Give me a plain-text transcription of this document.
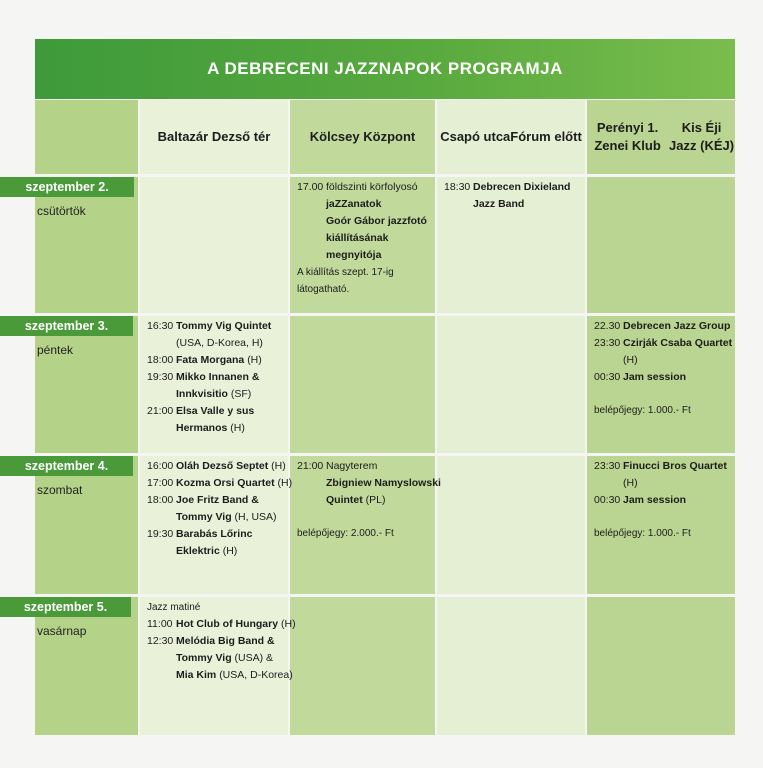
A DEBRECENI JAZZNAPOK PROGRAMJA
Baltazár Dezső tér	Kölcsey Központ Csapó utca Fórum előtt
Perényi 1. Zenei Klub
Kis Éji Jazz (KÉJ)
szeptember 2.
csütörtök
17.00 földszinti körfolyosó
jaZZanatok
Goór Gábor jazzfotó
kiállításának
megnyitója
A kiállítás szept. 17-ig
látogatható.
18:30 Debrecen Dixieland
Jazz Band
szeptember 3.
péntek
16:30 Tommy Vig Quintet
(USA, D-Korea, H)
18:00 Fata Morgana (H)
19:30 Mikko Innanen &
Innkvisitio (SF)
21:00 Elsa Valle y sus
Hermanos (H)
22.30 Debrecen Jazz Group
23:30 Czirják Csaba Quartet
(H)
00:30 Jam session
belépőjegy: 1.000.- Ft
szeptember 4.
szombat
16:00 Oláh Dezső Septet (H)
17:00 Kozma Orsi Quartet (H)
18:00 Joe Fritz Band &
Tommy Vig (H, USA)
19:30 Barabás Lőrinc
Eklektric (H)
21:00 Nagyterem
Zbigniew Namyslowski
Quintet (PL)
belépőjegy: 2.000.- Ft
23:30 Finucci Bros Quartet
(H)
00:30 Jam session
belépőjegy: 1.000.- Ft
szeptember 5.
vasárnap
Jazz matiné
11:00 Hot Club of Hungary (H)
12:30 Melódia Big Band &
Tommy Vig (USA) &
Mia Kim (USA, D-Korea)
